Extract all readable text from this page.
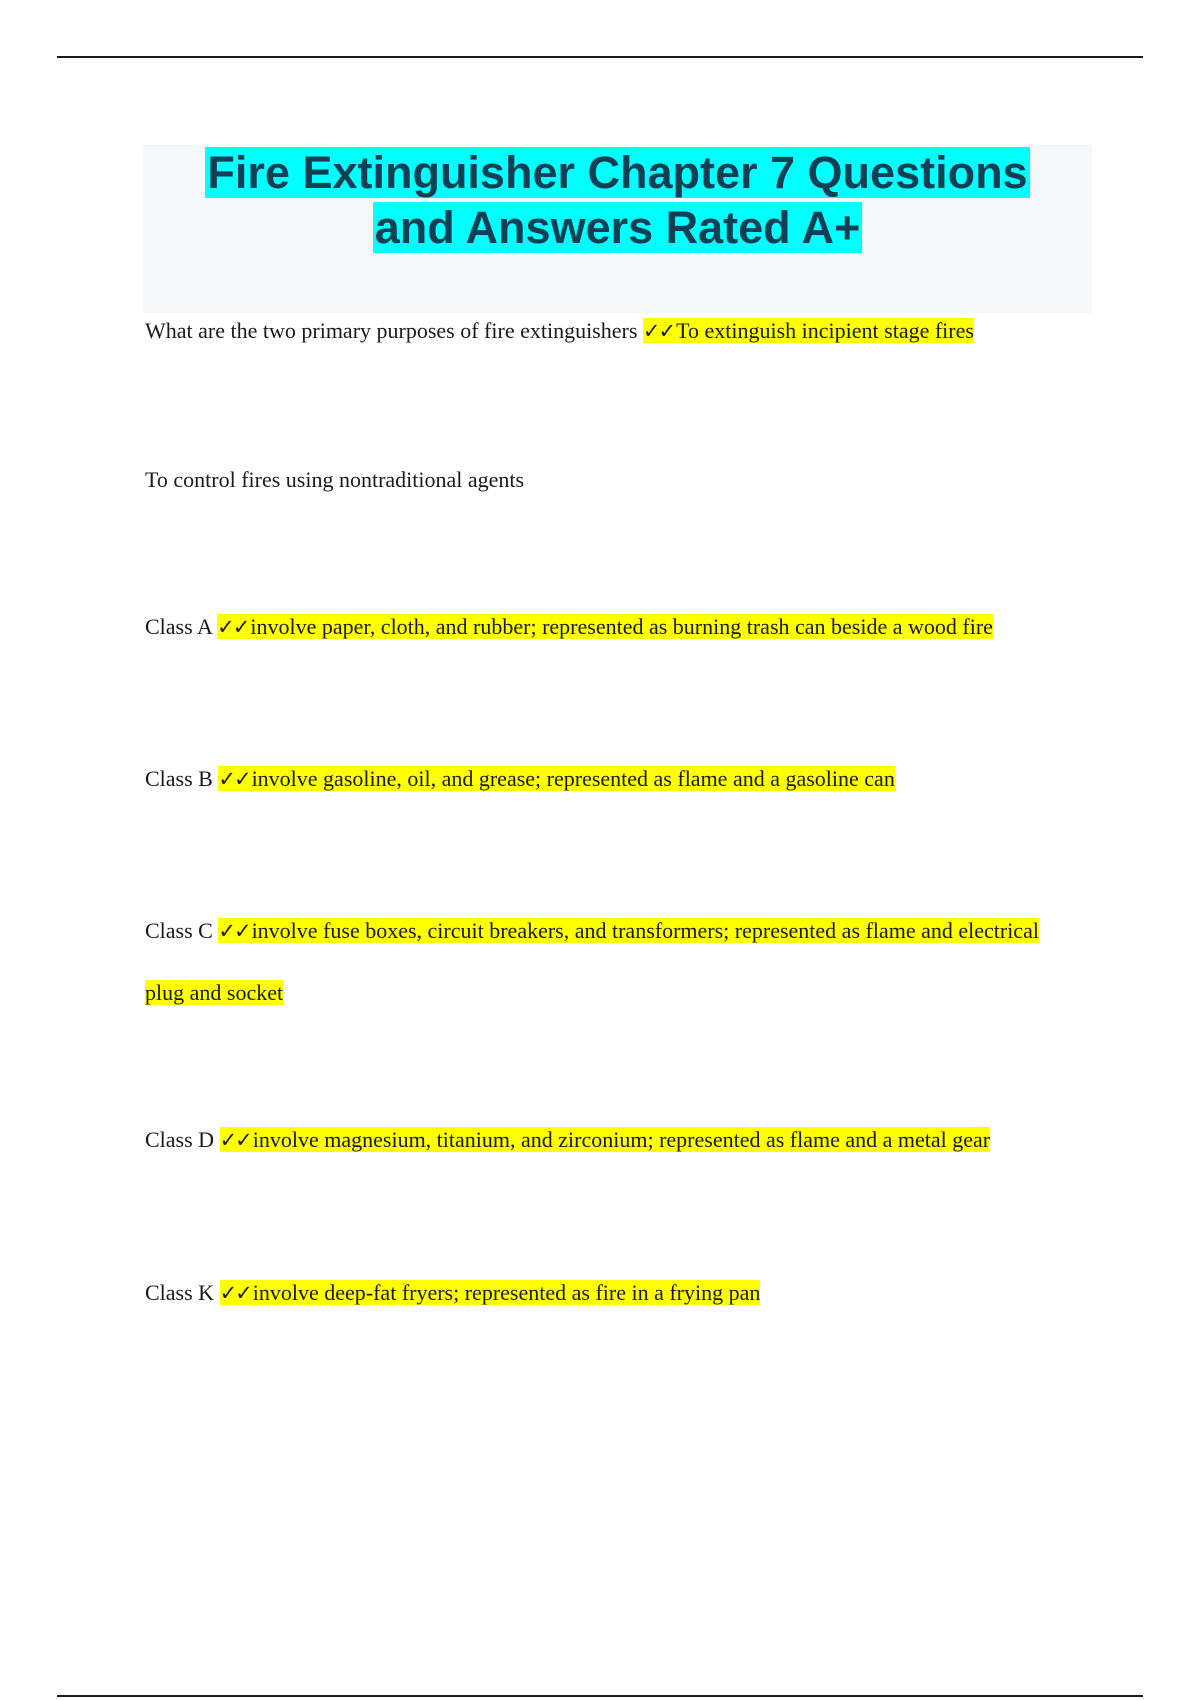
Fire Extinguisher Chapter 7 Questions
and Answers Rated A+

What are the two primary purposes of fire extinguishers ✓✓To extinguish incipient stage fires

To control fires using nontraditional agents

Class A ✓✓involve paper, cloth, and rubber; represented as burning trash can beside a wood fire

Class B ✓✓involve gasoline, oil, and grease; represented as flame and a gasoline can

Class C ✓✓involve fuse boxes, circuit breakers, and transformers; represented as flame and electrical plug and socket

Class D ✓✓involve magnesium, titanium, and zirconium; represented as flame and a metal gear

Class K ✓✓involve deep-fat fryers; represented as fire in a frying pan
